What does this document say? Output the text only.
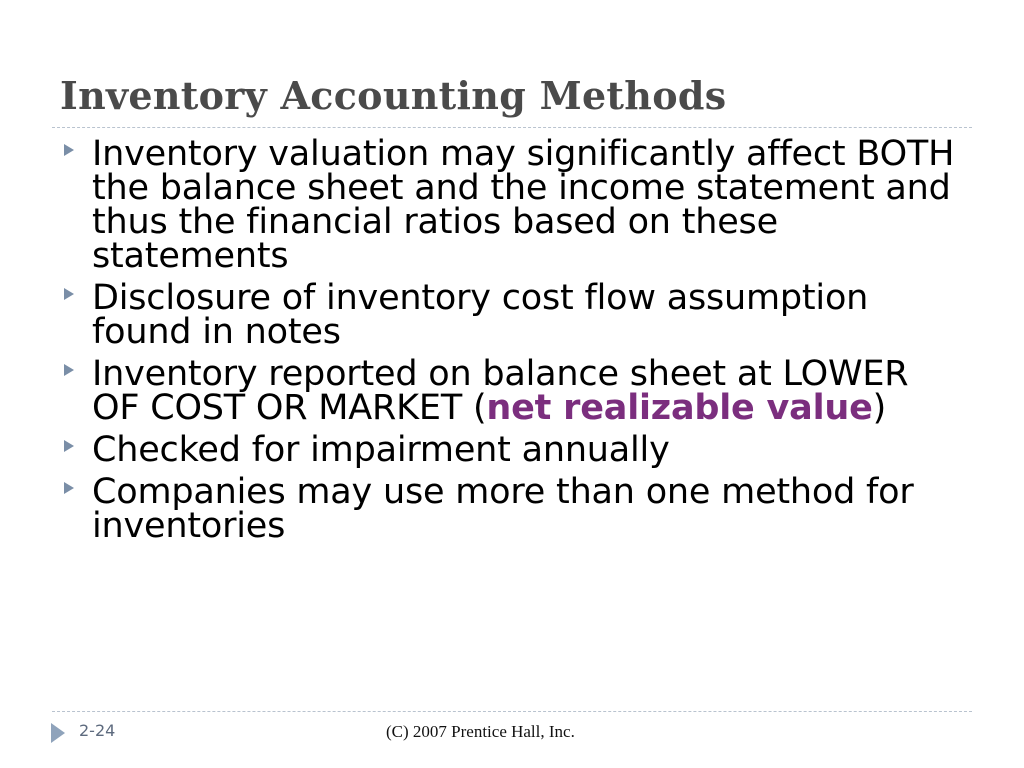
Inventory Accounting Methods
Inventory valuation may significantly affect BOTH the balance sheet and the income statement and thus the financial ratios based on these statements
Disclosure of inventory cost flow assumption found in notes
Inventory reported on balance sheet at LOWER OF COST OR MARKET (net realizable value)
Checked for impairment annually
Companies may use more than one method for inventories
2-24	(C) 2007 Prentice Hall, Inc.
